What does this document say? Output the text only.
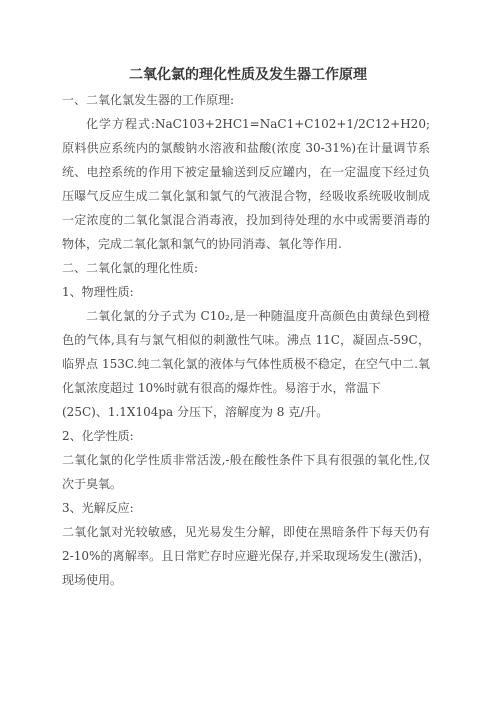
二氧化氯的理化性质及发生器工作原理

一、二氧化氯发生器的工作原理:

化学方程式:NaC103+2HC1=NaC1+C102+1/2C12+H20;原料供应系统内的氯酸钠水溶液和盐酸(浓度 30-31%)在计量调节系统、电控系统的作用下被定量输送到反应罐内，在一定温度下经过负压曝气反应生成二氧化氯和氯气的气液混合物，经吸收系统吸收制成一定浓度的二氧化氯混合消毒液，投加到待处理的水中或需要消毒的物体，完成二氧化氯和氯气的协同消毒、氧化等作用.

二、二氧化氯的理化性质:

1、物理性质:

二氧化氯的分子式为 C10₂,是一种随温度升高颜色由黄绿色到橙色的气体,具有与氯气相似的刺激性气味。沸点 11C，凝固点-59C，临界点 153C.纯二氧化氯的液体与气体性质极不稳定，在空气中二.氧化氯浓度超过 10%时就有很高的爆炸性。易溶于水，常温下

(25C)、1.1X104pa 分压下，溶解度为 8 克/升。

2、化学性质:

二氧化氯的化学性质非常活泼,-般在酸性条件下具有很强的氧化性,仅次于臭氧。

3、光解反应:

二氧化氯对光较敏感，见光易发生分解，即使在黑暗条件下每天仍有 2-10%的离解率。且日常贮存时应避光保存,并采取现场发生(激活)，现场使用。
